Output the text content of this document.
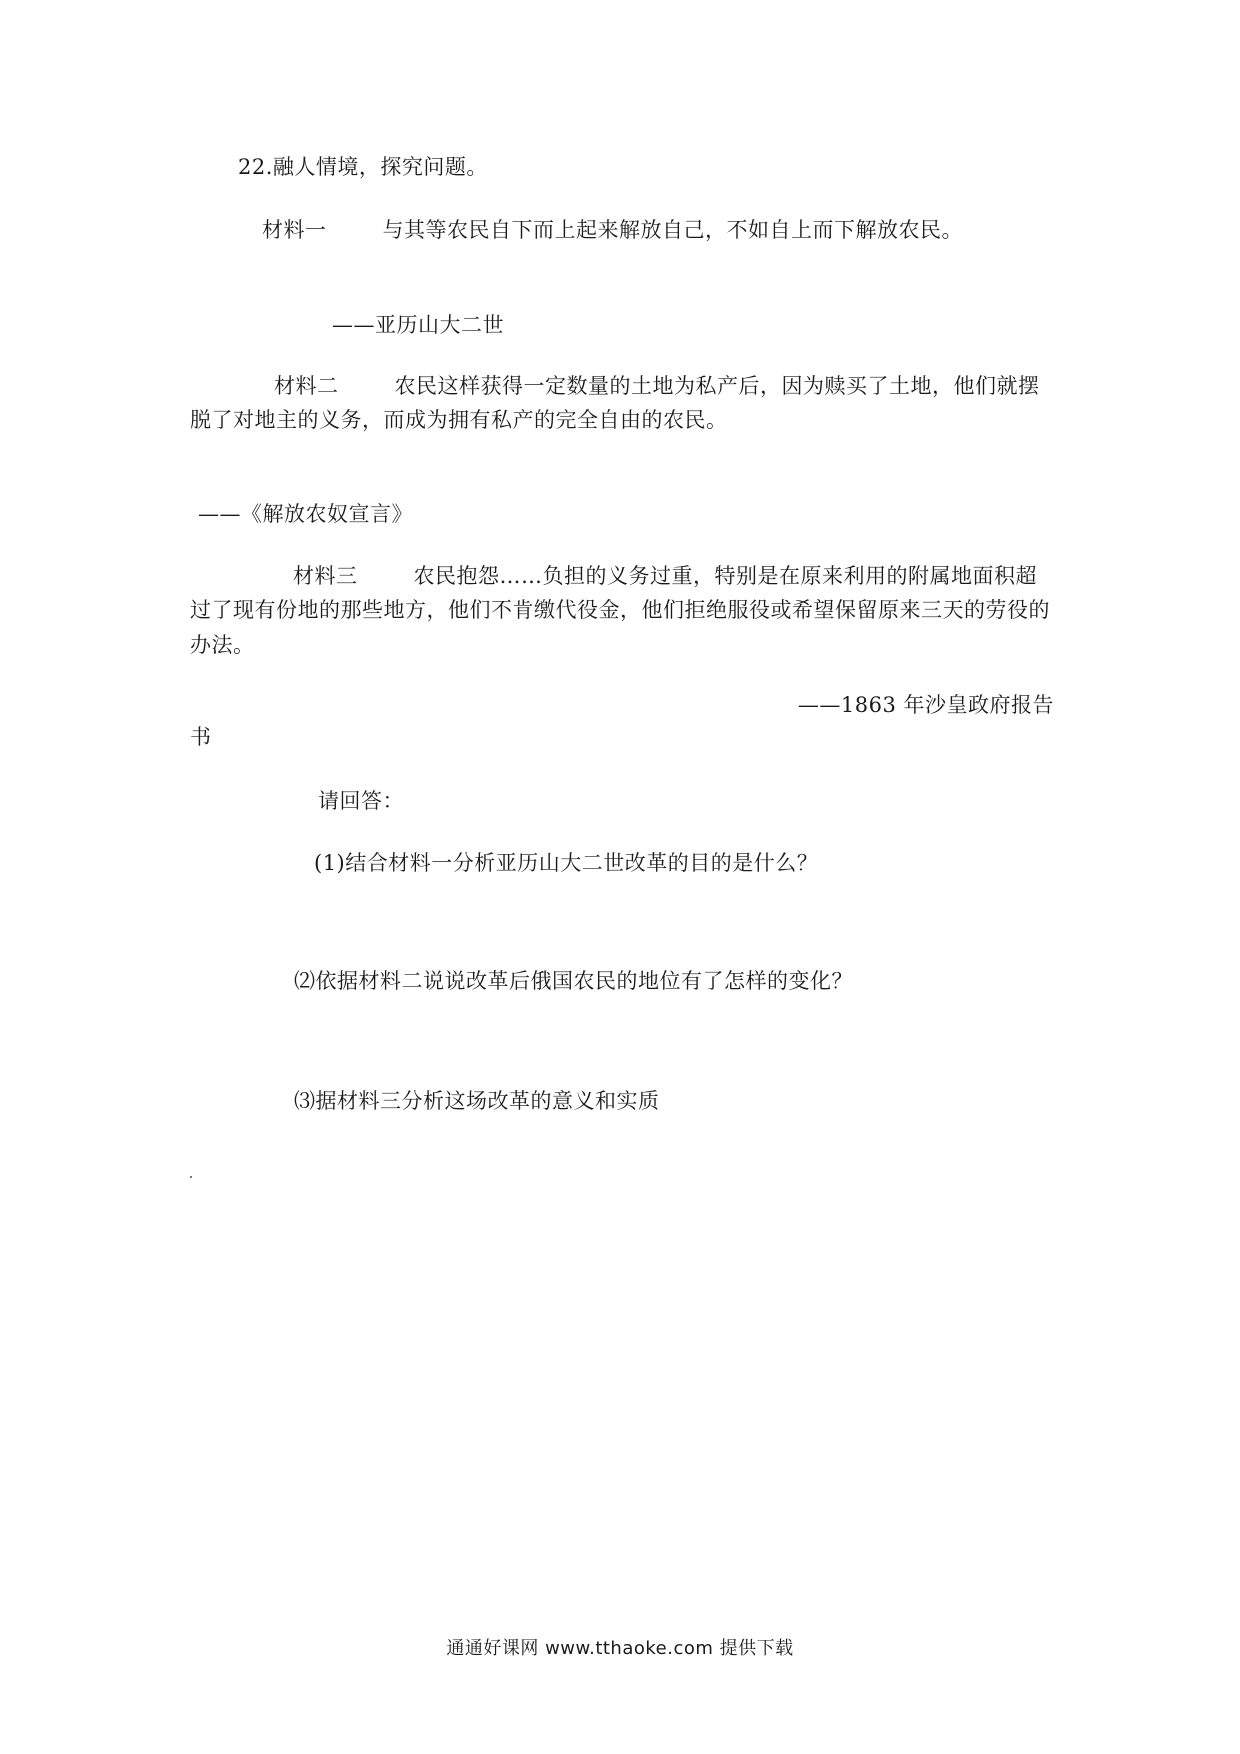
22.融人情境，探究问题。
材料一	与其等农民自下而上起来解放自己，不如自上而下解放农民。
——亚历山大二世
材料二	农民这样获得一定数量的土地为私产后，因为赎买了土地，他们就摆
脱了对地主的义务，而成为拥有私产的完全自由的农民。
——《解放农奴宣言》
材料三	农民抱怨……负担的义务过重，特别是在原来利用的附属地面积超
过了现有份地的那些地方，他们不肯缴代役金，他们拒绝服役或希望保留原来三天的劳役的
办法。
——1863 年沙皇政府报告
书
请回答：
(1)结合材料一分析亚历山大二世改革的目的是什么？
⑵依据材料二说说改革后俄国农民的地位有了怎样的变化？
⑶据材料三分析这场改革的意义和实质
通通好课网 www.tthaoke.com 提供下载
